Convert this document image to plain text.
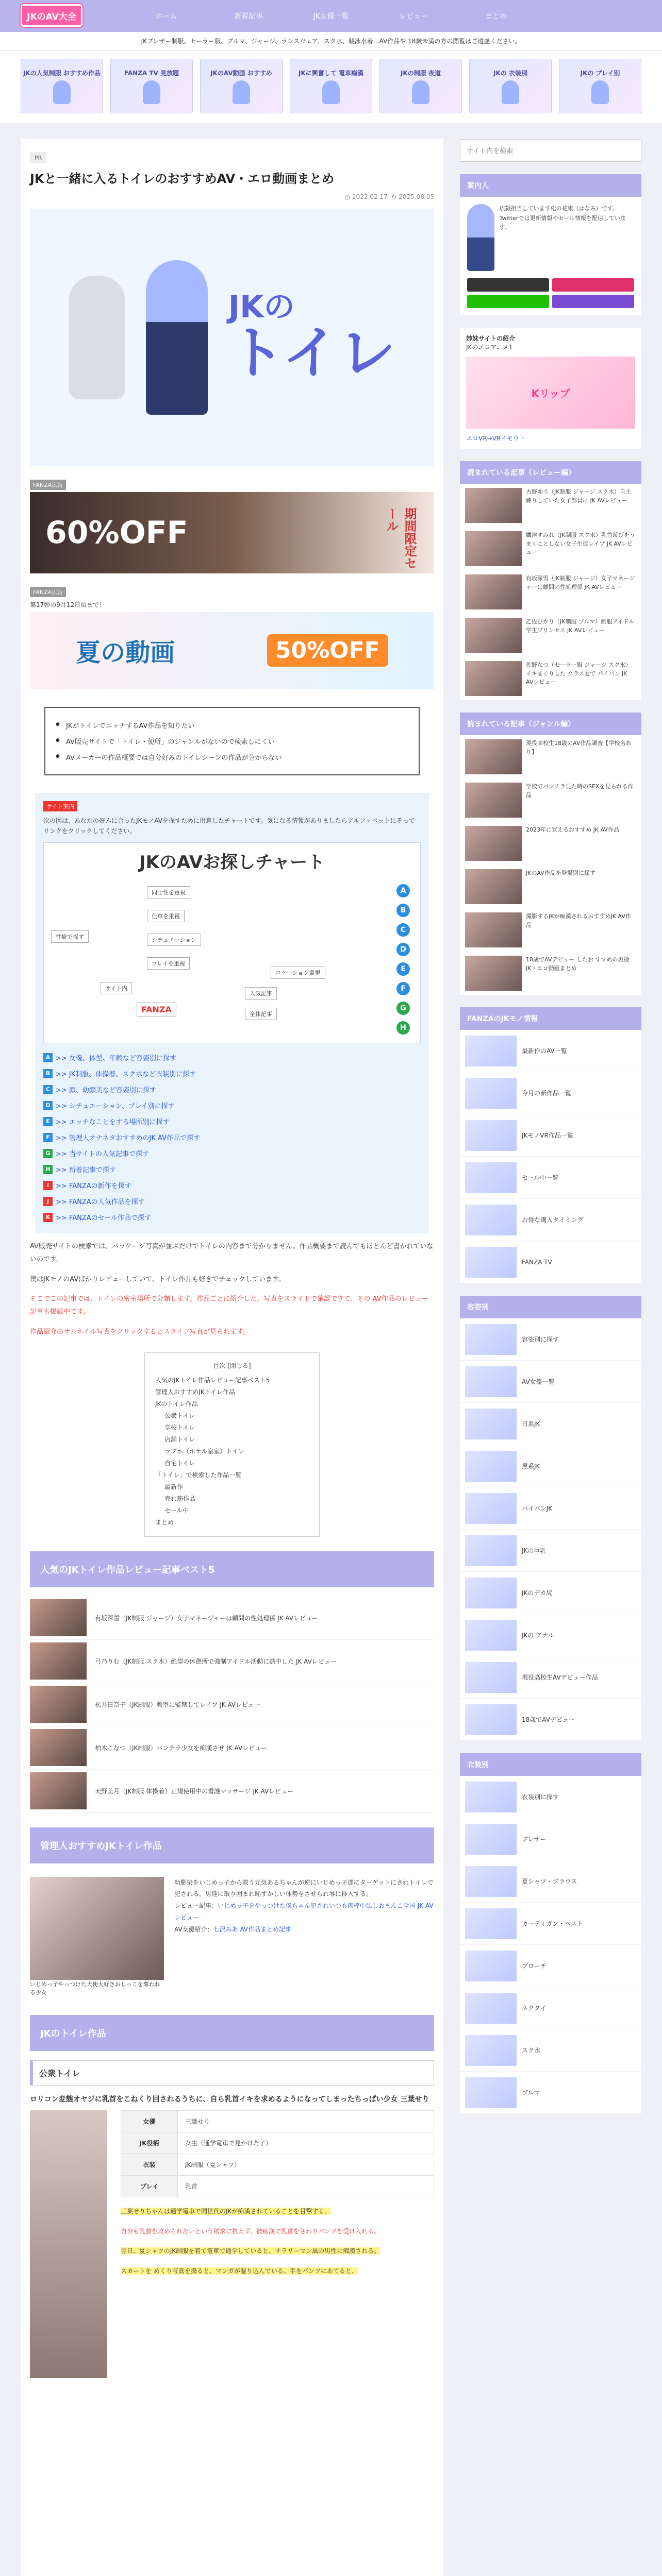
JKのAV大全	ホーム	新着記事	JK女優一覧	レビュー	まとめ
JKブレザー制服、セーラー服、ブルマ、ジャージ、ランスウェア、スク水、競泳水着…AV作品や 18歳未満の方の閲覧はご遠慮ください。
JKの人気制服 おすすめ作品	FANZA TV 見放題	JKのAV動画 おすすめ	JKに興奮して 電車痴漢	JKの制服 夜道	JKの 衣装別	JKの プレイ別
PR
JKと一緒に入るトイレのおすすめAV・エロ動画まとめ
◷ 2022.02.17 ↻ 2025.08.05
JKの
トイレ
FANZA広告
60%OFF	期間限定セール
FANZA広告
第17弾の9月12日頃まで！
夏の動画	50%OFF
● JKがトイレでエッチするAV作品を知りたい
● AV販売サイトで「トイレ・便所」のジャンルがないので検索しにくい
● AVメーカーの作品概要では自分好みのトイレシーンの作品が分からない
サイト案内

次の図は、あなたの好みに合ったJKモノAVを探すために用意したチャートです。気になる情報がありましたらアルファベットにそってリンクをクリックしてください。

JKのAVお探しチャート
性癖で探す
同士性を重視
仕草を重視
シチュエーション
プレイを重視
ロケーション重視
サイト内
人気記事
全体記事
FANZA
A
B
C
D
E
F
G
H
A >> 女優、体型、年齢など容姿別に探す
B >> JK制服、体操着、スク水など衣装別に探す
C >> 顔、幼顔美など容姿別に探す
D >> シチュエーション、プレイ別に探す
E >> エッチなことをする場所別に探す
F >> 管理人オナネタおすすめのJK AV作品で探す
G >> 当サイトの人気記事で探す
H >> 新着記事で探す
I >> FANZAの新作を探す
J >> FANZAの人気作品を探す
K >> FANZAのセール作品で探す

AV販売サイトの検索では、パッケージ写真が並ぶだけでトイレの内容まで分かりません。作品概要まで読んでもほとんど書かれていないのです。

僕はJKモノのAVばかりレビューしていて、トイレ作品も好きでチェックしています。

そこでこの記事では、トイレの密室場所で分類します。作品ごとに紹介した、写真をスライドで確認できて、その AV作品のレビュー記事も掲載中です。

作品紹介のサムネイル写真をクリックするとスライド写真が見られます。

目次 [閉じる]
人気のJKトイレ作品レビュー記事ベスト5
管理人おすすめJKトイレ作品
JKのトイレ作品
公衆トイレ
学校トイレ
店舗トイレ
ラブホ（ホテル室室）トイレ
自宅トイレ
「トイレ」で検索した作品一覧
最新作
売れ筋作品
セール中
まとめ
人気のJKトイレ作品レビュー記事ベスト5
有坂深雪（JK制服 ジャージ）女子マネージャーは顧問の性処理係 JK AVレビュー
弓乃りむ（JK制服 スク水）絶望の休憩所で強制アイドル活動に熱中した JK AVレビュー
松井日奈子（JK制服）教室に監禁してレイプ JK AVレビュー
柏木こなつ（JK制服）バンチラ少女を痴漢させ JK AVレビュー
天野美月（JK制服 体操着）正規使用中の看護マッサージ JK AVレビュー
管理人おすすめJKトイレ作品
いじめっ子やっつけた天使大好きおしっこを奪われる少女
幼馴染をいじめっ子から救う元気あるちゃんが逆にいじめっ子達にターゲットにされトイレで犯される。男達に取り囲まれ恥ずかしい体勢をさせられ辱に挿入する。
レビュー記事：いじめっ子をやっつけた僕ちゃん犯されいつも肉棒中出しおまんこ全国 JK AVレビュー
AV女優紹介：七沢みあ AV作品まとめ記事
JKのトイレ作品
公衆トイレ
ロリコン変態オヤジに乳首をこねくり回されるうちに、自ら乳首イキを求めるようになってしまったちっぱい少女 三葉せり
女優	三葉せり
JK役柄	女生（通学電車で見かけた子）
衣装	JK制服（夏シャツ）
プレイ	乳首

三葉せりちゃんは通学電車で同世代のJKが痴漢されていることを目撃する。

自分も乳首を攻められたいという欲求に抗えず、被痴漢で乳首をさわりパンツを受け入れる。

翌日、夏シャツのJK制服を着て電車で通学していると、サラリーマン風の男性に痴漢される。

スカートを めくり写真を撮ると、マンガが湿り込んでいる。手をパンツにあてると、

サイト内を検索
案内人

広報担当しています松の花束（はなみ）です。Twitterでは更新情報やセール情報を配信しています。

姉妹サイトの紹介
JKのエロアニメ1
Kリップ
エロVR→VRイモウト
読まれている記事（レビュー編）
古野ゆう（JK制服 ジャージ スク水）自主練りしていた女子部員に JK AVレビュー
鷹津すみれ（JK制服 スク水）乳首遊びをうまくことしない女子生徒レイプ JK AVレビュー
有坂深雪（JK制服 ジャージ）女子マネージャーは顧問の性処理係 JK AVレビュー
乙佐ひかり（JK制服 ブルマ）制服アイドル 学生プリンセス JK AVレビュー
佐野なつ（セーラー服 ジャージ スク水）イキまくりした クラス委で パイバン JK AVレビュー
読まれている記事（ジャンル編）
現役高校生18歳のAV作品調査【学校名あり】
学校でバンチラ見た時のSEXを見られる作品
2023年に買えるおすすめ JK AV作品
JKのAV作品を登場別に探す
撮影するJKが痴漢されるおすすめJK AV作品
18歳でAVデビュー したお すすめの現役JK・エロ動画まとめ
FANZAのJKモノ情報
最新作のAV一覧
今月の新作品一覧
JKモノVR作品一覧
セール中一覧
お得な購入タイミング
FANZA TV
容姿別
容姿別に探す
AV女優一覧
日系JK
黒系JK
パイパンJK
JKの巨乳
JKのデカ尻
JKの アナル
現役高校生AVデビュー作品
18歳でAVデビュー
衣装別
衣装別に探す
ブレザー
夏シャツ・ブラウス
カーディガン・ベスト
ブローチ
ネクタイ
スク水
ブルマ
